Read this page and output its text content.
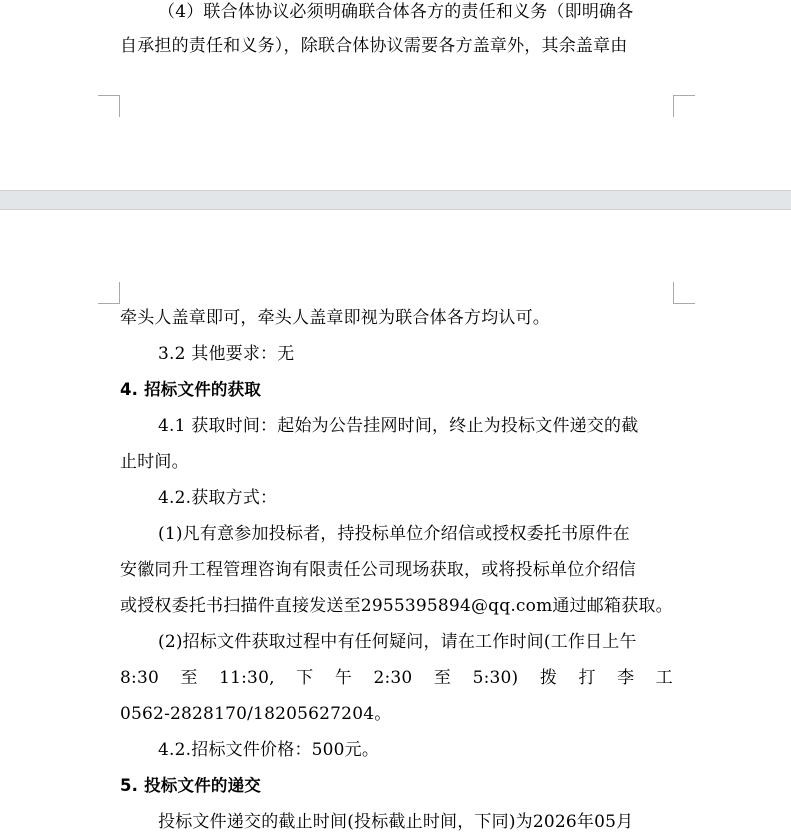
（4）联合体协议必须明确联合体各方的责任和义务（即明确各
自承担的责任和义务），除联合体协议需要各方盖章外，其余盖章由
牵头人盖章即可，牵头人盖章即视为联合体各方均认可。
3.2 其他要求：无
4. 招标文件的获取
4.1 获取时间：起始为公告挂网时间，终止为投标文件递交的截
止时间。
4.2.获取方式：
(1)凡有意参加投标者，持投标单位介绍信或授权委托书原件在
安徽同升工程管理咨询有限责任公司现场获取，或将投标单位介绍信
或授权委托书扫描件直接发送至2955395894@qq.com通过邮箱获取。
(2)招标文件获取过程中有任何疑问，请在工作时间(工作日上午
8:30 至 11:30, 下 午 2:30 至 5:30) 拨 打 李 工
0562-2828170/18205627204。
4.2.招标文件价格：500元。
5. 投标文件的递交
投标文件递交的截止时间(投标截止时间，下同)为2026年05月
